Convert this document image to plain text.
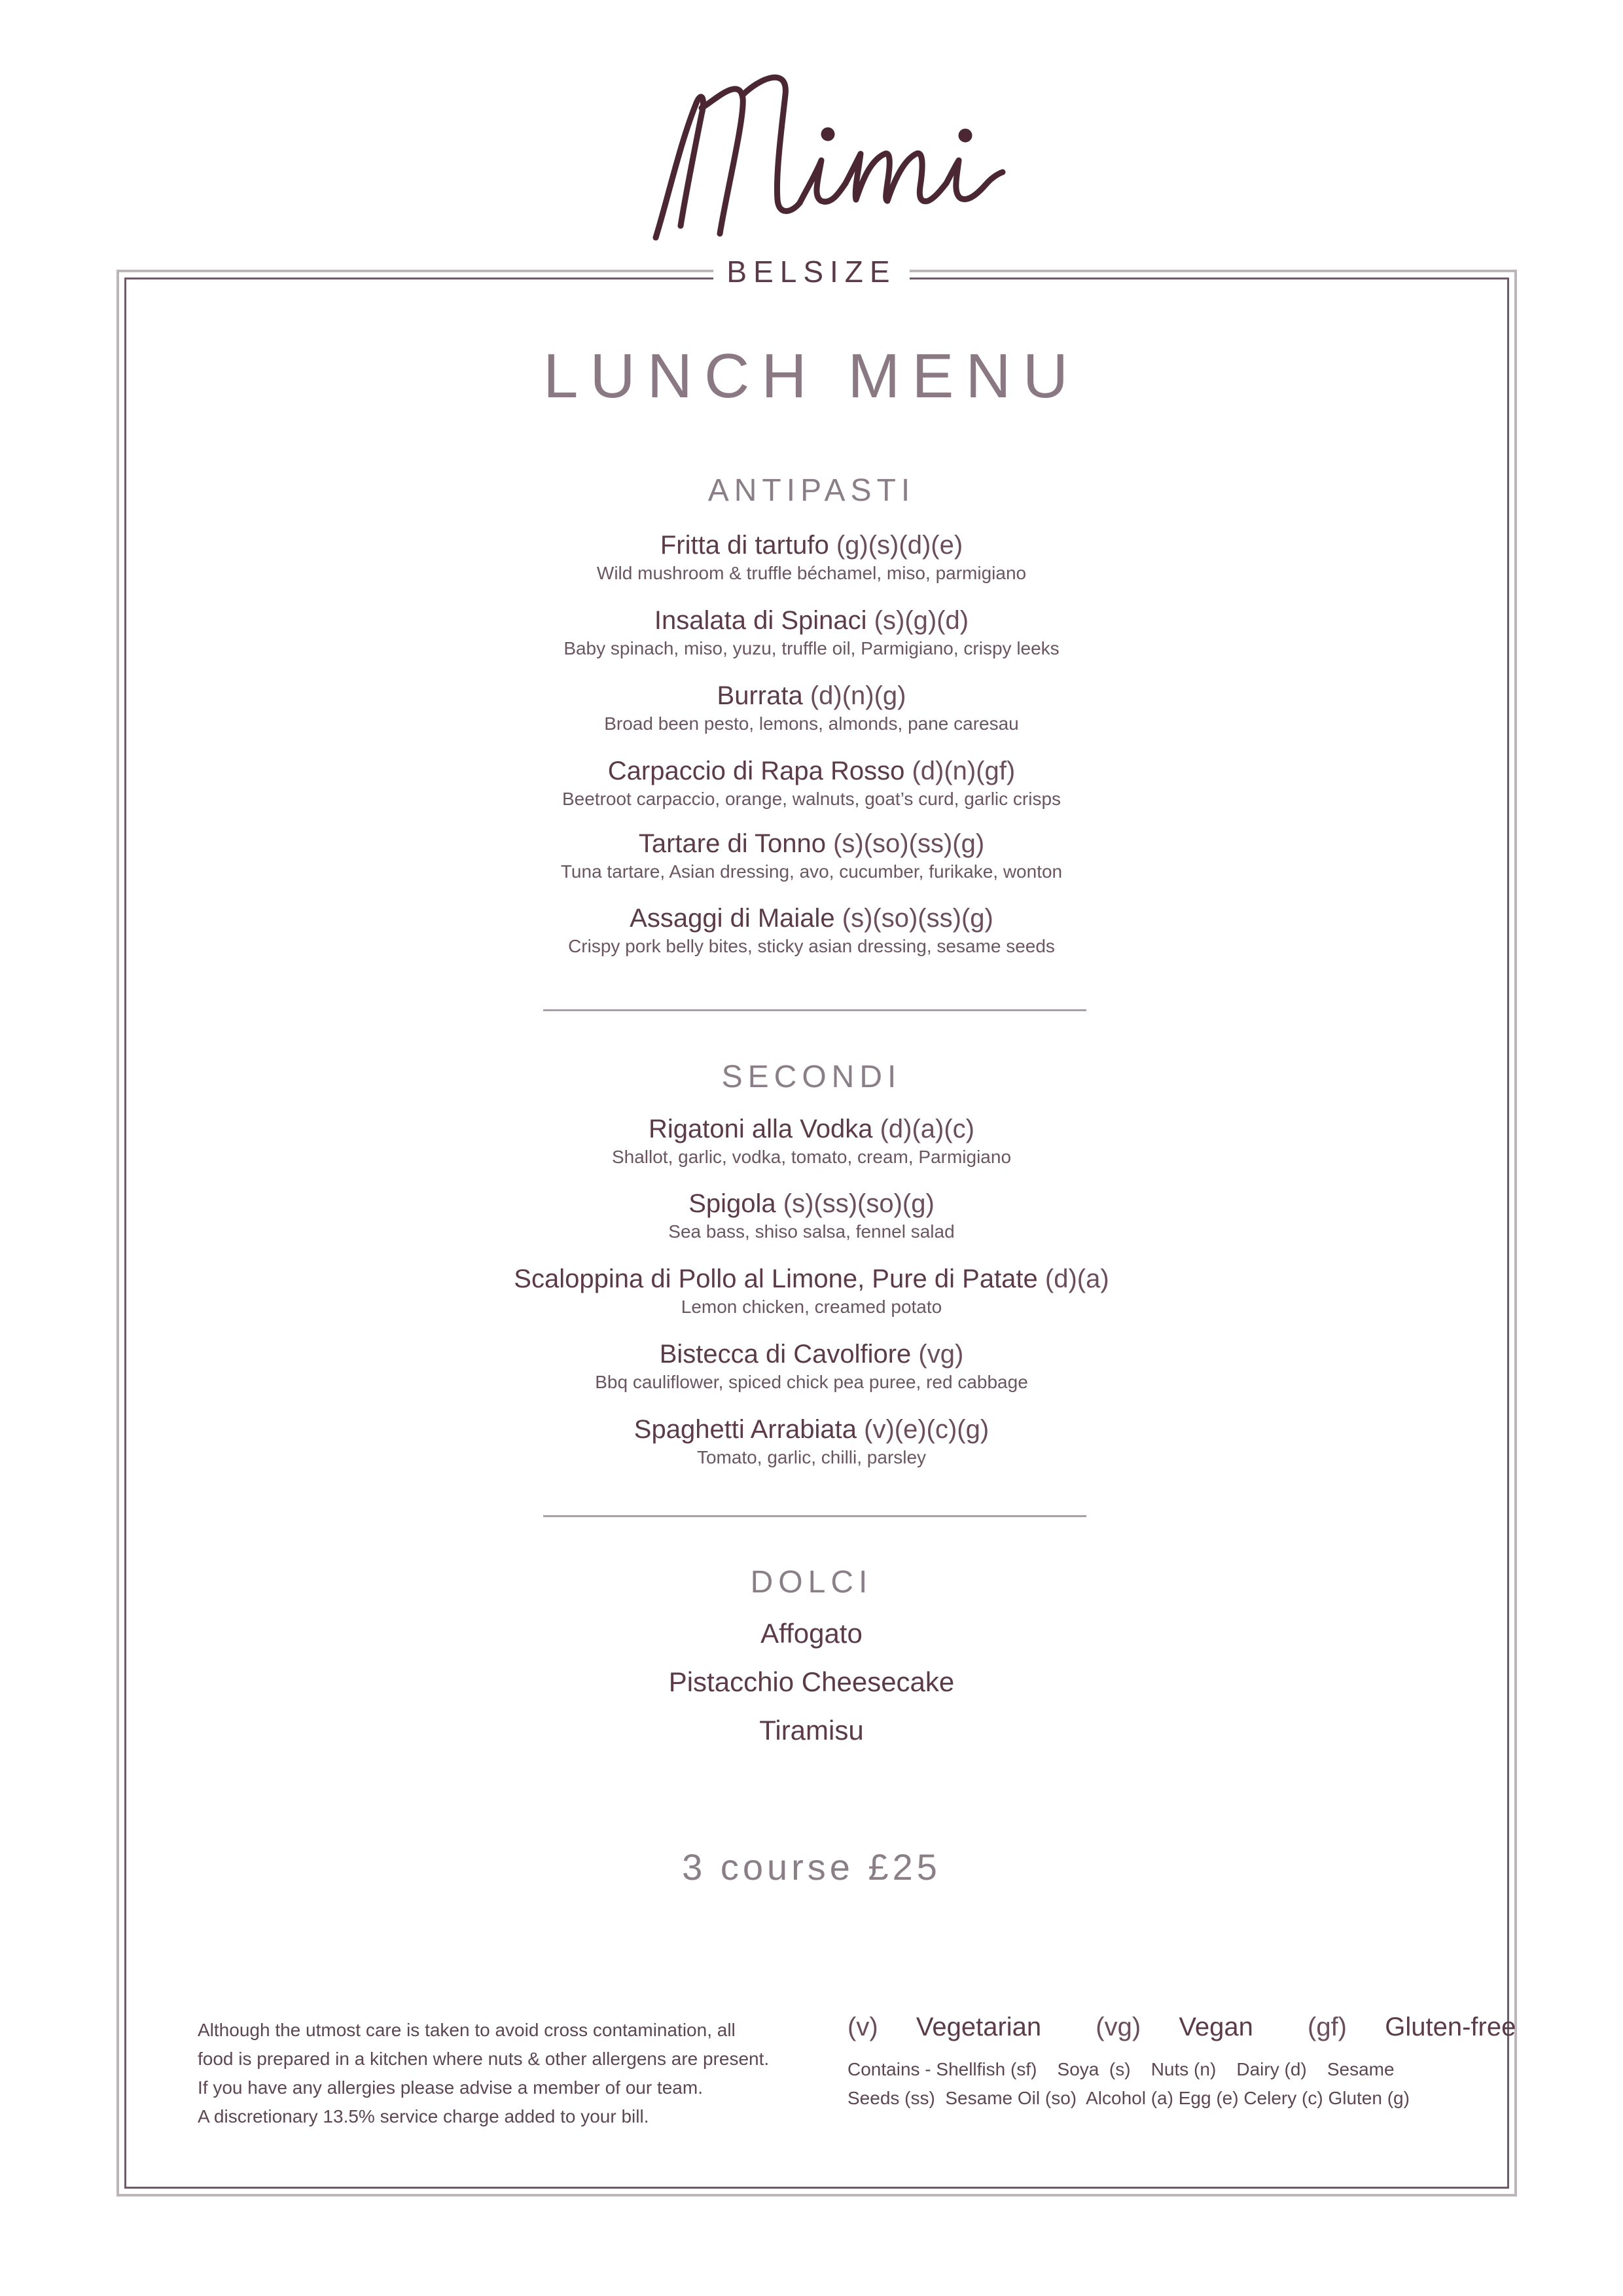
BELSIZE
LUNCH MENU
ANTIPASTI
Fritta di tartufo (g)(s)(d)(e)
Wild mushroom & truffle béchamel, miso, parmigiano
Insalata di Spinaci (s)(g)(d)
Baby spinach, miso, yuzu, truffle oil, Parmigiano, crispy leeks
Burrata (d)(n)(g)
Broad been pesto, lemons, almonds, pane caresau
Carpaccio di Rapa Rosso (d)(n)(gf)
Beetroot carpaccio, orange, walnuts, goat’s curd, garlic crisps
Tartare di Tonno (s)(so)(ss)(g)
Tuna tartare, Asian dressing, avo, cucumber, furikake, wonton
Assaggi di Maiale (s)(so)(ss)(g)
Crispy pork belly bites, sticky asian dressing, sesame seeds
SECONDI
Rigatoni alla Vodka (d)(a)(c)
Shallot, garlic, vodka, tomato, cream, Parmigiano
Spigola (s)(ss)(so)(g)
Sea bass, shiso salsa, fennel salad
Scaloppina di Pollo al Limone, Pure di Patate (d)(a)
Lemon chicken, creamed potato
Bistecca di Cavolfiore (vg)
Bbq cauliflower, spiced chick pea puree, red cabbage
Spaghetti Arrabiata (v)(e)(c)(g)
Tomato, garlic, chilli, parsley
DOLCI
Affogato
Pistacchio Cheesecake
Tiramisu
3 course £25
Although the utmost care is taken to avoid cross contamination, all
food is prepared in a kitchen where nuts & other allergens are present.
If you have any allergies please advise a member of our team.
A discretionary 13.5% service charge added to your bill.
(v) Vegetarian (vg) Vegan (gf) Gluten-free
Contains - Shellfish (sf)    Soya  (s)    Nuts (n)    Dairy (d)    Sesame
Seeds (ss)  Sesame Oil (so)  Alcohol (a) Egg (e) Celery (c) Gluten (g)
